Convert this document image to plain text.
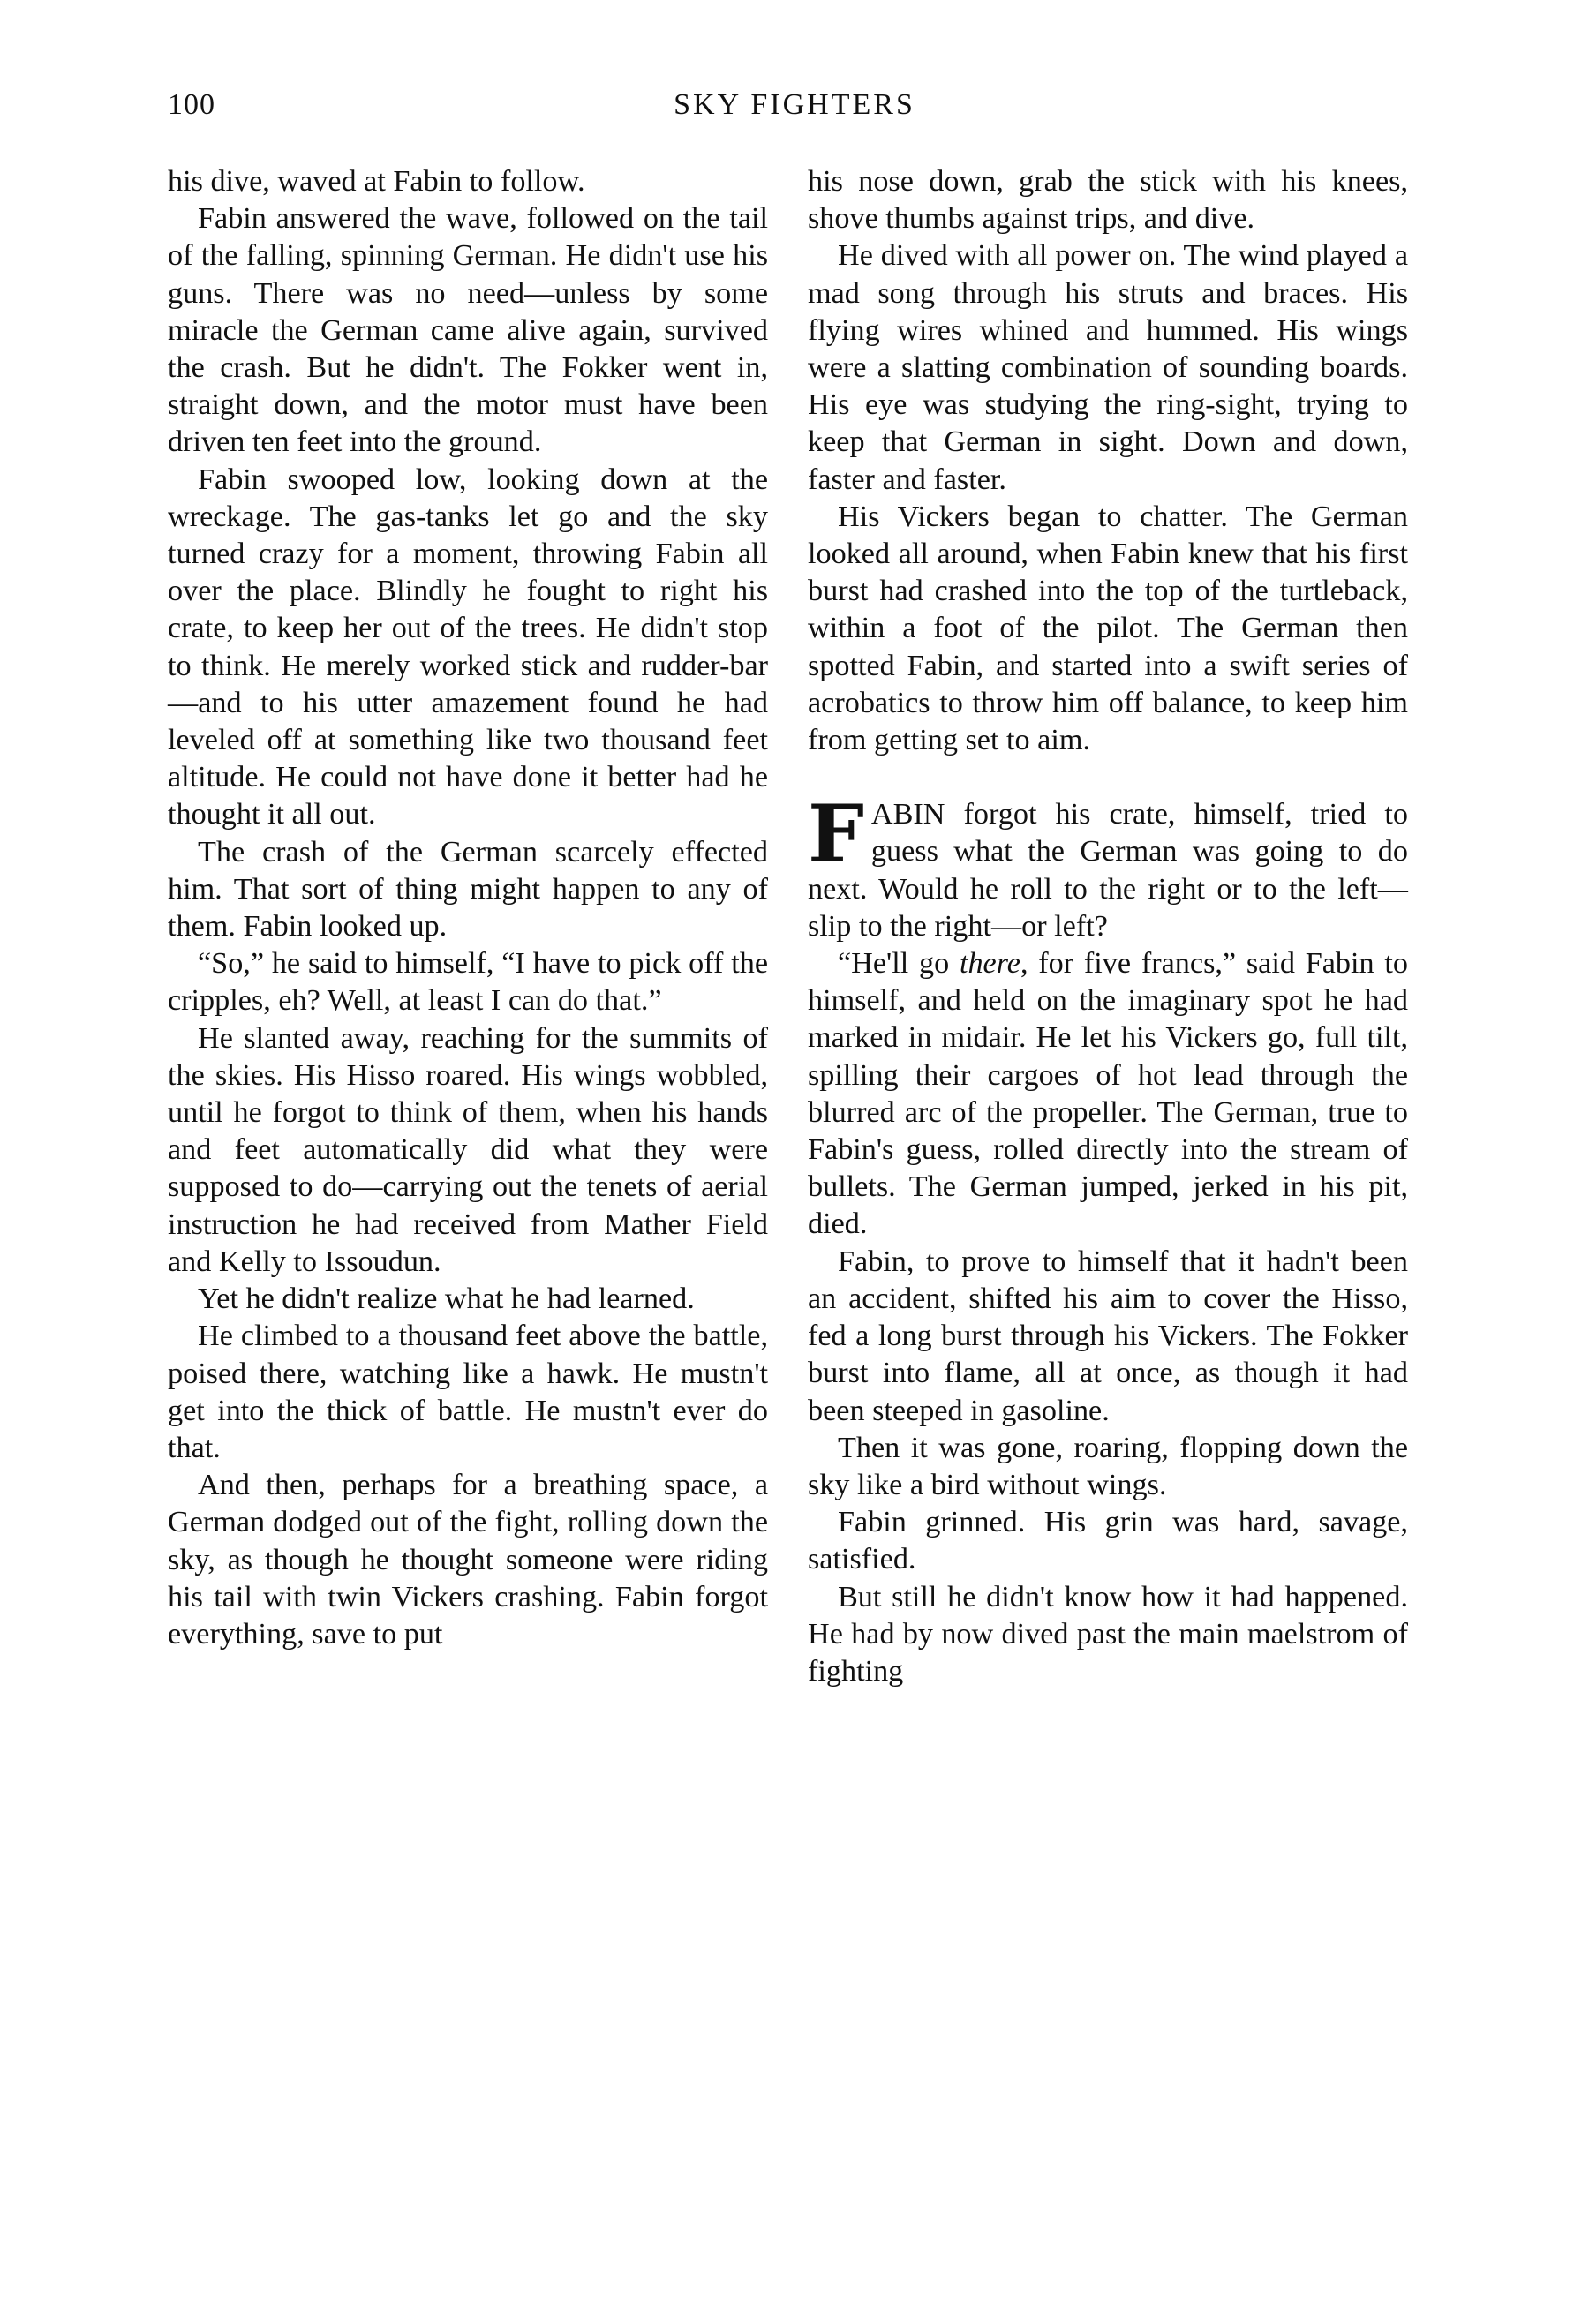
100	SKY FIGHTERS

his dive, waved at Fabin to follow.

Fabin answered the wave, followed on the tail of the falling, spinning German. He didn't use his guns. There was no need—unless by some miracle the German came alive again, survived the crash. But he didn't. The Fokker went in, straight down, and the motor must have been driven ten feet into the ground.

Fabin swooped low, looking down at the wreckage. The gas-tanks let go and the sky turned crazy for a moment, throwing Fabin all over the place. Blindly he fought to right his crate, to keep her out of the trees. He didn't stop to think. He merely worked stick and rudder-bar —and to his utter amazement found he had leveled off at something like two thousand feet altitude. He could not have done it better had he thought it all out.

The crash of the German scarcely effected him. That sort of thing might happen to any of them. Fabin looked up.

“So,” he said to himself, “I have to pick off the cripples, eh? Well, at least I can do that.”

He slanted away, reaching for the summits of the skies. His Hisso roared. His wings wobbled, until he forgot to think of them, when his hands and feet automatically did what they were supposed to do—carrying out the tenets of aerial instruction he had received from Mather Field and Kelly to Issoudun.

Yet he didn't realize what he had learned.

He climbed to a thousand feet above the battle, poised there, watching like a hawk. He mustn't get into the thick of battle. He mustn't ever do that.

And then, perhaps for a breathing space, a German dodged out of the fight, rolling down the sky, as though he thought someone were riding his tail with twin Vickers crashing. Fabin forgot everything, save to put

his nose down, grab the stick with his knees, shove thumbs against trips, and dive.

He dived with all power on. The wind played a mad song through his struts and braces. His flying wires whined and hummed. His wings were a slatting combination of sounding boards. His eye was studying the ring-sight, trying to keep that German in sight. Down and down, faster and faster.

His Vickers began to chatter. The German looked all around, when Fabin knew that his first burst had crashed into the top of the turtleback, within a foot of the pilot. The German then spotted Fabin, and started into a swift series of acrobatics to throw him off balance, to keep him from getting set to aim.

FABIN forgot his crate, himself, tried to guess what the German was going to do next. Would he roll to the right or to the left—slip to the right—or left?

“He'll go there, for five francs,” said Fabin to himself, and held on the imaginary spot he had marked in midair. He let his Vickers go, full tilt, spilling their cargoes of hot lead through the blurred arc of the propeller. The German, true to Fabin's guess, rolled directly into the stream of bullets. The German jumped, jerked in his pit, died.

Fabin, to prove to himself that it hadn't been an accident, shifted his aim to cover the Hisso, fed a long burst through his Vickers. The Fokker burst into flame, all at once, as though it had been steeped in gasoline.

Then it was gone, roaring, flopping down the sky like a bird without wings.

Fabin grinned. His grin was hard, savage, satisfied.

But still he didn't know how it had happened. He had by now dived past the main maelstrom of fighting
